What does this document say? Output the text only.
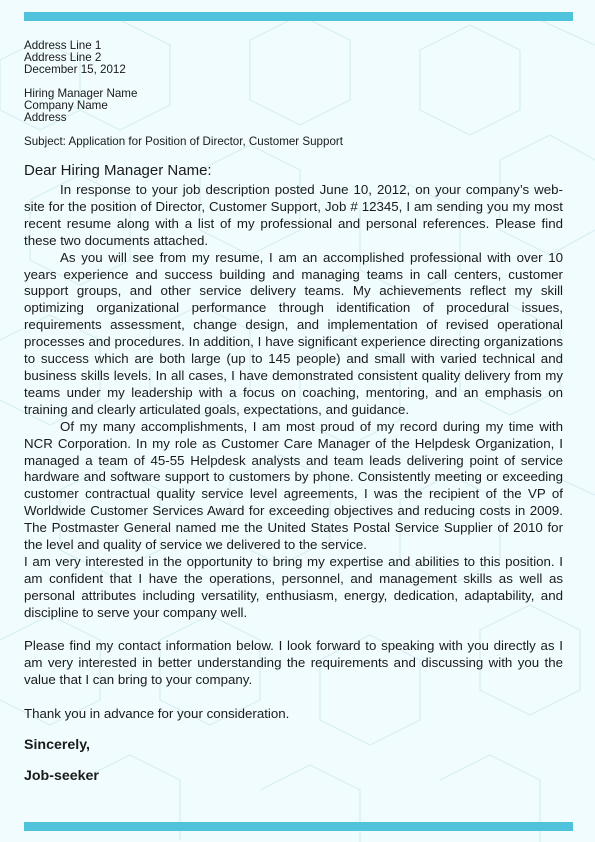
Address Line 1

Address Line 2

December 15, 2012

Hiring Manager Name

Company Name

Address

Subject: Application for Position of Director, Customer Support

Dear Hiring Manager Name:

In response to your job description posted June 10, 2012, on your company’s web-site for the position of Director, Customer Support, Job # 12345, I am sending you my most recent resume along with a list of my professional and personal references. Please find these two documents attached.

As you will see from my resume, I am an accomplished professional with over 10 years experience and success building and managing teams in call centers, customer support groups, and other service delivery teams. My achievements reflect my skill optimizing organizational performance through identification of procedural issues, requirements assessment, change design, and implementation of revised operational processes and procedures. In addition, I have significant experience directing organizations to success which are both large (up to 145 people) and small with varied technical and business skills levels. In all cases, I have demonstrated consistent quality delivery from my teams under my leadership with a focus on coaching, mentoring, and an emphasis on training and clearly articulated goals, expectations, and guidance.

Of my many accomplishments, I am most proud of my record during my time with NCR Corporation. In my role as Customer Care Manager of the Helpdesk Organization, I managed a team of 45-55 Helpdesk analysts and team leads delivering point of service hardware and software support to customers by phone. Consistently meeting or exceeding customer contractual quality service level agreements, I was the recipient of the VP of Worldwide Customer Services Award for exceeding objectives and reducing costs in 2009. The Postmaster General named me the United States Postal Service Supplier of 2010 for the level and quality of service we delivered to the service.

I am very interested in the opportunity to bring my expertise and abilities to this position. I am confident that I have the operations, personnel, and management skills as well as personal attributes including versatility, enthusiasm, energy, dedication, adaptability, and discipline to serve your company well.

Please find my contact information below. I look forward to speaking with you directly as I am very interested in better understanding the requirements and discussing with you the value that I can bring to your company.

Thank you in advance for your consideration.

Sincerely,

Job-seeker
